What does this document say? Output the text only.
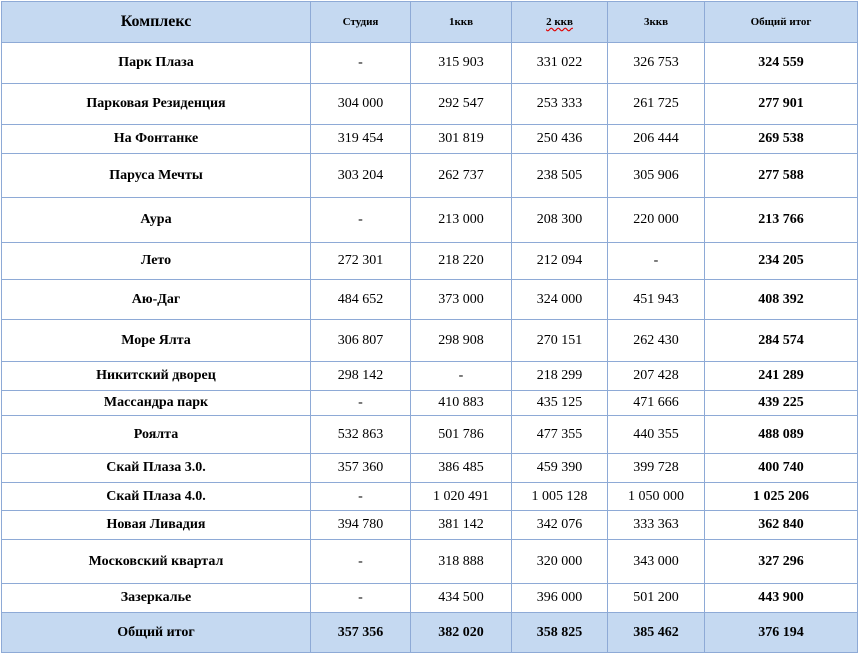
Комплекс	Студия	1ккв	2 ккв	3ккв	Общий итог
Парк Плаза	-	315 903	331 022	326 753	324 559
Парковая Резиденция	304 000	292 547	253 333	261 725	277 901
На Фонтанке	319 454	301 819	250 436	206 444	269 538
Паруса Мечты	303 204	262 737	238 505	305 906	277 588
Аура	-	213 000	208 300	220 000	213 766
Лето	272 301	218 220	212 094	-	234 205
Аю-Даг	484 652	373 000	324 000	451 943	408 392
Море Ялта	306 807	298 908	270 151	262 430	284 574
Никитский дворец	298 142	-	218 299	207 428	241 289
Массандра парк	-	410 883	435 125	471 666	439 225
Роялта	532 863	501 786	477 355	440 355	488 089
Скай Плаза 3.0.	357 360	386 485	459 390	399 728	400 740
Скай Плаза 4.0.	-	1 020 491	1 005 128	1 050 000	1 025 206
Новая Ливадия	394 780	381 142	342 076	333 363	362 840
Московский квартал	-	318 888	320 000	343 000	327 296
Зазеркалье	-	434 500	396 000	501 200	443 900
Общий итог	357 356	382 020	358 825	385 462	376 194
